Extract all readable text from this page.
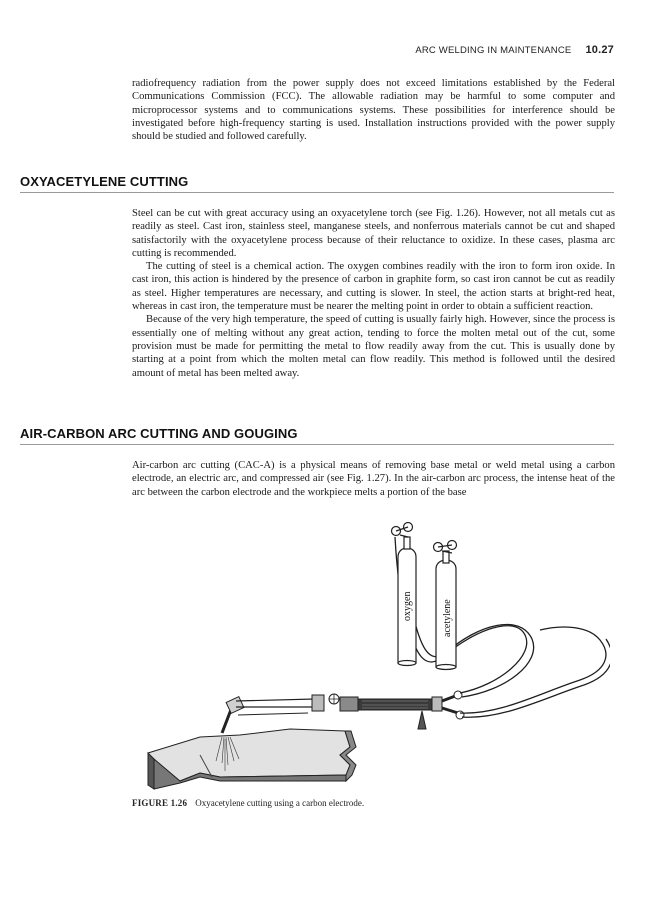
ARC WELDING IN MAINTENANCE 10.27

radiofrequency radiation from the power supply does not exceed limitations established by the Federal Communications Commission (FCC). The allowable radiation may be harmful to some computer and microprocessor systems and to communications systems. These possibilities for interference should be investigated before high-frequency starting is used. Installation instructions provided with the power supply should be studied and followed carefully.

OXYACETYLENE CUTTING

Steel can be cut with great accuracy using an oxyacetylene torch (see Fig. 1.26). However, not all metals cut as readily as steel. Cast iron, stainless steel, manganese steels, and nonferrous materials cannot be cut and shaped satisfactorily with the oxyacetylene process because of their reluctance to oxidize. In these cases, plasma arc cutting is recommended.

The cutting of steel is a chemical action. The oxygen combines readily with the iron to form iron oxide. In cast iron, this action is hindered by the presence of carbon in graphite form, so cast iron cannot be cut as readily as steel. Higher temperatures are necessary, and cutting is slower. In steel, the action starts at bright-red heat, whereas in cast iron, the temperature must be nearer the melting point in order to obtain a sufficient reaction.

Because of the very high temperature, the speed of cutting is usually fairly high. However, since the process is essentially one of melting without any great action, tending to force the molten metal out of the cut, some provision must be made for permitting the metal to flow readily away from the cut. This is usually done by starting at a point from which the molten metal can flow readily. This method is followed until the desired amount of metal has been melted away.

AIR-CARBON ARC CUTTING AND GOUGING

Air-carbon arc cutting (CAC-A) is a physical means of removing base metal or weld metal using a carbon electrode, an electric arc, and compressed air (see Fig. 1.27). In the air-carbon arc process, the intense heat of the arc between the carbon electrode and the workpiece melts a portion of the base

oxygen	acetylene
FIGURE 1.26 Oxyacetylene cutting using a carbon electrode.
